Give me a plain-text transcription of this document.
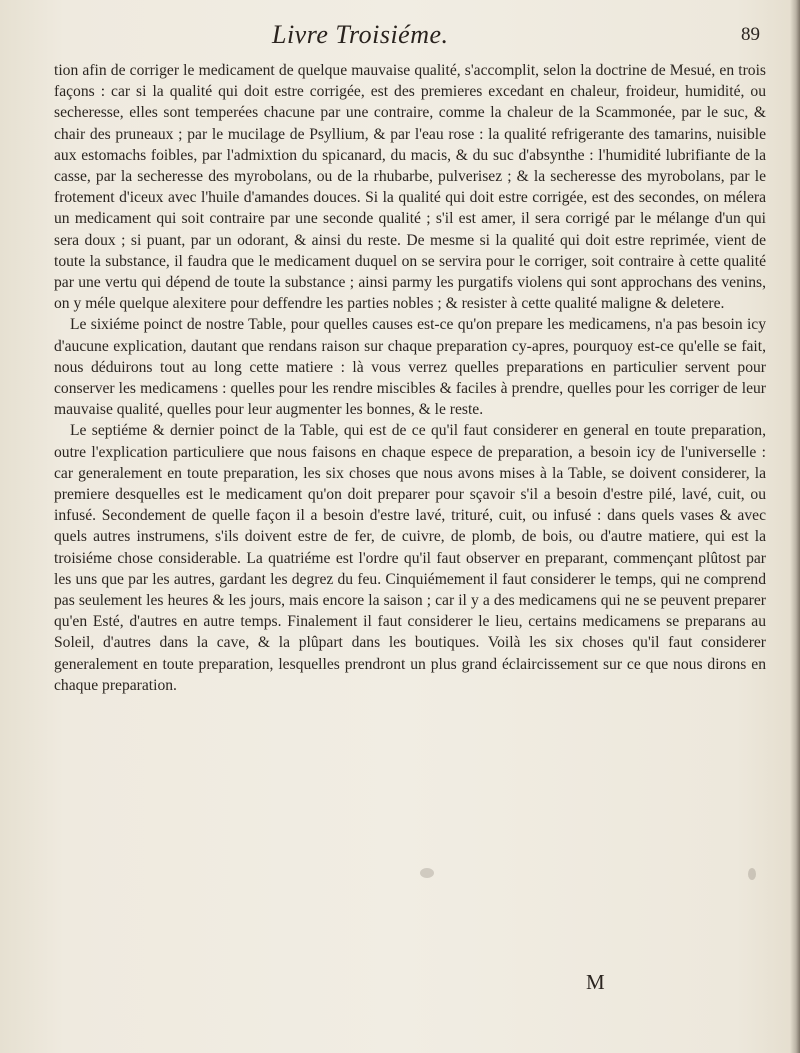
Livre Troisiéme.	89

tion afin de corriger le medicament de quelque mauvaise qualité, s'accomplit, selon la doctrine de Mesué, en trois façons : car si la qualité qui doit estre corrigée, est des premieres excedant en chaleur, froideur, humidité, ou secheresse, elles sont temperées chacune par une contraire, comme la chaleur de la Scammonée, par le suc, & chair des pruneaux ; par le mucilage de Psyllium, & par l'eau rose : la qualité refrigerante des tamarins, nuisible aux estomachs foibles, par l'admixtion du spicanard, du macis, & du suc d'absynthe : l'humidité lubrifiante de la casse, par la secheresse des myrobolans, ou de la rhubarbe, pulverisez ; & la secheresse des myrobolans, par le frotement d'iceux avec l'huile d'amandes douces. Si la qualité qui doit estre corrigée, est des secondes, on mélera un medicament qui soit contraire par une seconde qualité ; s'il est amer, il sera corrigé par le mélange d'un qui sera doux ; si puant, par un odorant, & ainsi du reste. De mesme si la qualité qui doit estre reprimée, vient de toute la substance, il faudra que le medicament duquel on se servira pour le corriger, soit contraire à cette qualité par une vertu qui dépend de toute la substance ; ainsi parmy les purgatifs violens qui sont approchans des venins, on y méle quelque alexitere pour deffendre les parties nobles ; & resister à cette qualité maligne & deletere.

Le sixiéme poinct de nostre Table, pour quelles causes est-ce qu'on prepare les medicamens, n'a pas besoin icy d'aucune explication, dautant que rendans raison sur chaque preparation cy-apres, pourquoy est-ce qu'elle se fait, nous déduirons tout au long cette matiere : là vous verrez quelles preparations en particulier servent pour conserver les medicamens : quelles pour les rendre miscibles & faciles à prendre, quelles pour les corriger de leur mauvaise qualité, quelles pour leur augmenter les bonnes, & le reste.

Le septiéme & dernier poinct de la Table, qui est de ce qu'il faut considerer en general en toute preparation, outre l'explication particuliere que nous faisons en chaque espece de preparation, a besoin icy de l'universelle : car generalement en toute preparation, les six choses que nous avons mises à la Table, se doivent considerer, la premiere desquelles est le medicament qu'on doit preparer pour sçavoir s'il a besoin d'estre pilé, lavé, cuit, ou infusé. Secondement de quelle façon il a besoin d'estre lavé, trituré, cuit, ou infusé : dans quels vases & avec quels autres instrumens, s'ils doivent estre de fer, de cuivre, de plomb, de bois, ou d'autre matiere, qui est la troisiéme chose considerable. La quatriéme est l'ordre qu'il faut observer en preparant, commençant plûtost par les uns que par les autres, gardant les degrez du feu. Cinquiémement il faut considerer le temps, qui ne comprend pas seulement les heures & les jours, mais encore la saison ; car il y a des medicamens qui ne se peuvent preparer qu'en Esté, d'autres en autre temps. Finalement il faut considerer le lieu, certains medicamens se preparans au Soleil, d'autres dans la cave, & la plûpart dans les boutiques. Voilà les six choses qu'il faut considerer generalement en toute preparation, lesquelles prendront un plus grand éclaircissement sur ce que nous dirons en chaque preparation.

M
